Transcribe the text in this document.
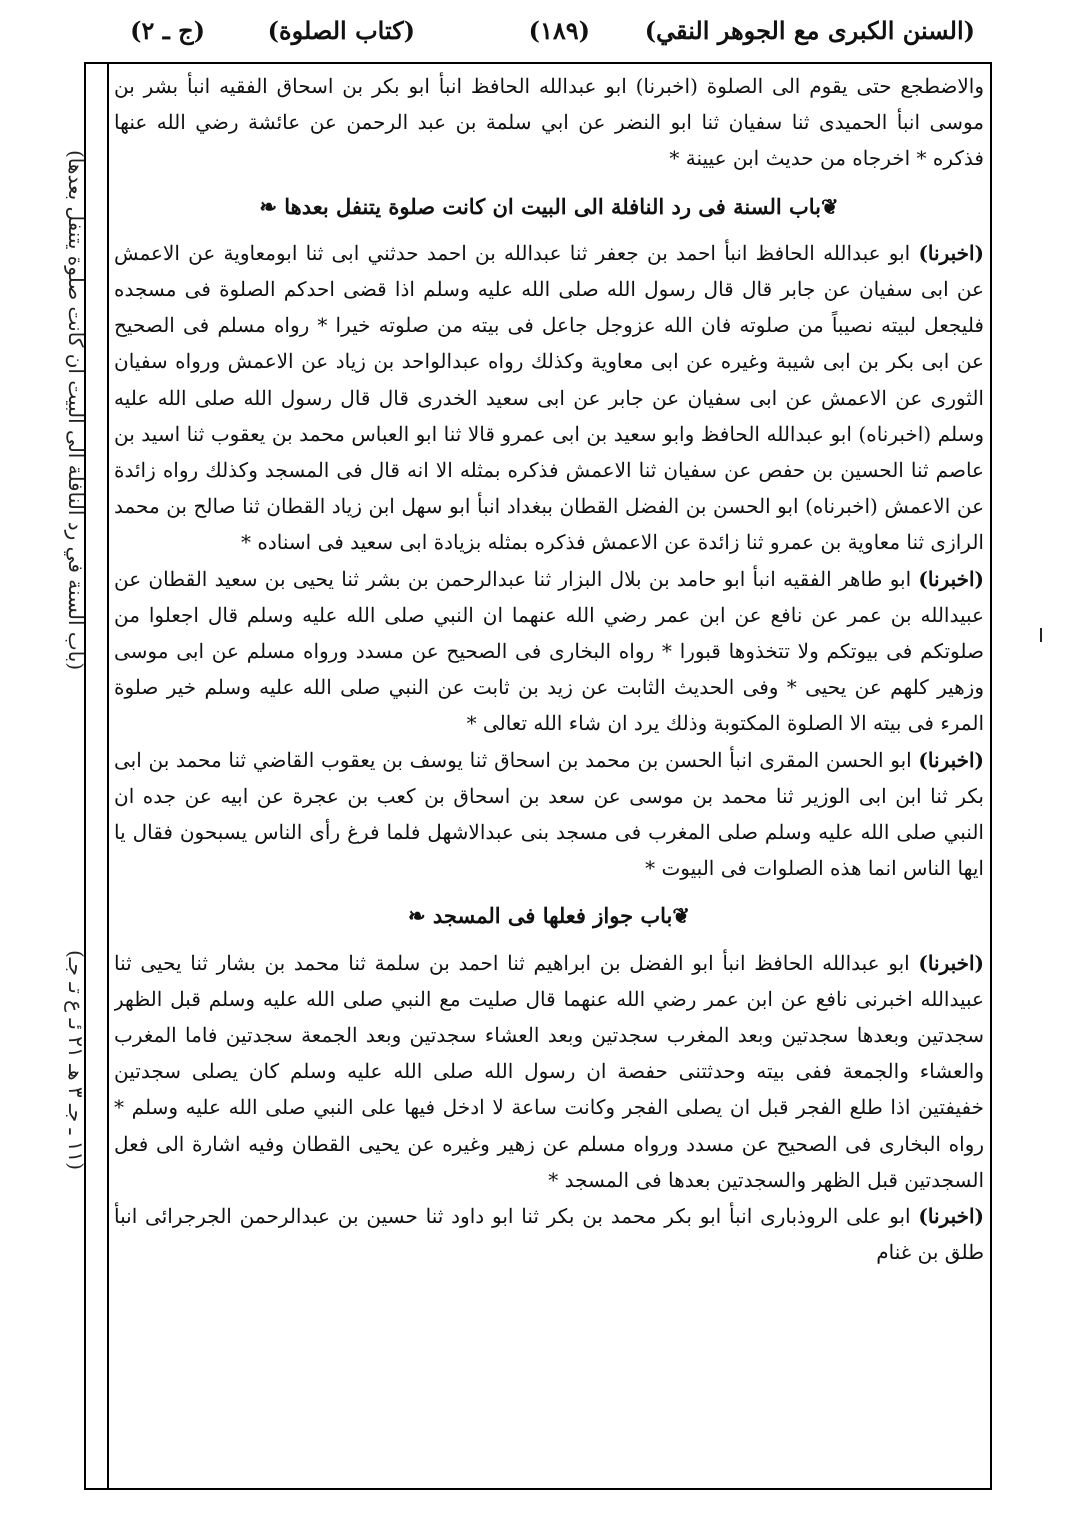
(السنن الكبرى مع الجوهر النقي)
(١٨٩)
(كتاب الصلوة)
(ج ـ ٢)
(باب السنة في رد النافلة الى البيت ان كانت صلوة يتنفل بعدها)
(١١ ـ جـ ٣ هـ ٢١ ئـ ع تـ جـ)

والاضطجع حتى يقوم الى الصلوة (اخبرنا) ابو عبدالله الحافظ انبأ ابو بكر بن اسحاق الفقيه انبأ بشر بن موسى انبأ الحميدى ثنا سفيان ثنا ابو النضر عن ابي سلمة بن عبد الرحمن عن عائشة رضي الله عنها فذكره * اخرجاه من حديث ابن عيينة *

❦ باب السنة فى رد النافلة الى البيت ان كانت صلوة يتنفل بعدها ❧

(اخبرنا) ابو عبدالله الحافظ انبأ احمد بن جعفر ثنا عبدالله بن احمد حدثني ابى ثنا ابومعاوية عن الاعمش عن ابى سفيان عن جابر قال قال رسول الله صلى الله عليه وسلم اذا قضى احدكم الصلوة فى مسجده فليجعل لبيته نصيباً من صلوته فان الله عزوجل جاعل فى بيته من صلوته خيرا * رواه مسلم فى الصحيح عن ابى بكر بن ابى شيبة وغيره عن ابى معاوية وكذلك رواه عبدالواحد بن زياد عن الاعمش ورواه سفيان الثورى عن الاعمش عن ابى سفيان عن جابر عن ابى سعيد الخدرى قال قال رسول الله صلى الله عليه وسلم (اخبرناه) ابو عبدالله الحافظ وابو سعيد بن ابى عمرو قالا ثنا ابو العباس محمد بن يعقوب ثنا اسيد بن عاصم ثنا الحسين بن حفص عن سفيان ثنا الاعمش فذكره بمثله الا انه قال فى المسجد وكذلك رواه زائدة عن الاعمش (اخبرناه) ابو الحسن بن الفضل القطان ببغداد انبأ ابو سهل ابن زياد القطان ثنا صالح بن محمد الرازى ثنا معاوية بن عمرو ثنا زائدة عن الاعمش فذكره بمثله بزيادة ابى سعيد فى اسناده *

(اخبرنا) ابو طاهر الفقيه انبأ ابو حامد بن بلال البزار ثنا عبدالرحمن بن بشر ثنا يحيى بن سعيد القطان عن عبيدالله بن عمر عن نافع عن ابن عمر رضي الله عنهما ان النبي صلى الله عليه وسلم قال اجعلوا من صلوتكم فى بيوتكم ولا تتخذوها قبورا * رواه البخارى فى الصحيح عن مسدد ورواه مسلم عن ابى موسى وزهير كلهم عن يحيى * وفى الحديث الثابت عن زيد بن ثابت عن النبي صلى الله عليه وسلم خير صلوة المرء فى بيته الا الصلوة المكتوبة وذلك يرد ان شاء الله تعالى *

(اخبرنا) ابو الحسن المقرى انبأ الحسن بن محمد بن اسحاق ثنا يوسف بن يعقوب القاضي ثنا محمد بن ابى بكر ثنا ابن ابى الوزير ثنا محمد بن موسى عن سعد بن اسحاق بن كعب بن عجرة عن ابيه عن جده ان النبي صلى الله عليه وسلم صلى المغرب فى مسجد بنى عبدالاشهل فلما فرغ رأى الناس يسبحون فقال يا ايها الناس انما هذه الصلوات فى البيوت *

❦ باب جواز فعلها فى المسجد ❧

(اخبرنا) ابو عبدالله الحافظ انبأ ابو الفضل بن ابراهيم ثنا احمد بن سلمة ثنا محمد بن بشار ثنا يحيى ثنا عبيدالله اخبرنى نافع عن ابن عمر رضي الله عنهما قال صليت مع النبي صلى الله عليه وسلم قبل الظهر سجدتين وبعدها سجدتين وبعد المغرب سجدتين وبعد العشاء سجدتين وبعد الجمعة سجدتين فاما المغرب والعشاء والجمعة ففى بيته وحدثتنى حفصة ان رسول الله صلى الله عليه وسلم كان يصلى سجدتين خفيفتين اذا طلع الفجر قبل ان يصلى الفجر وكانت ساعة لا ادخل فيها على النبي صلى الله عليه وسلم * رواه البخارى فى الصحيح عن مسدد ورواه مسلم عن زهير وغيره عن يحيى القطان وفيه اشارة الى فعل السجدتين قبل الظهر والسجدتين بعدها فى المسجد *

(اخبرنا) ابو على الروذبارى انبأ ابو بكر محمد بن بكر ثنا ابو داود ثنا حسين بن عبدالرحمن الجرجرائى انبأ طلق بن غنام
